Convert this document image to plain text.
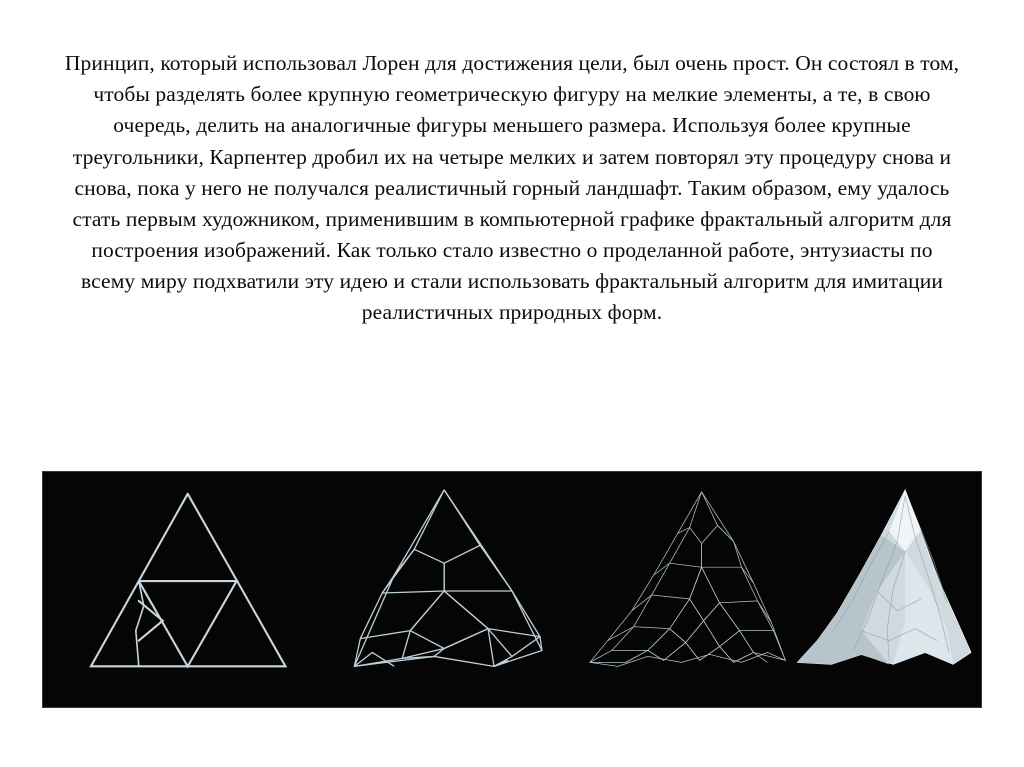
Принцип, который использовал Лорен для достижения цели, был очень прост. Он состоял в том, чтобы разделять более крупную геометрическую фигуру на мелкие элементы, а те, в свою очередь, делить на аналогичные фигуры меньшего размера. Используя более крупные треугольники, Карпентер дробил их на четыре мелких и затем повторял эту процедуру снова и снова, пока у него не получался реалистичный горный ландшафт. Таким образом, ему удалось стать первым художником, применившим в компьютерной графике фрактальный алгоритм для построения изображений. Как только стало известно о проделанной работе, энтузиасты по всему миру подхватили эту идею и стали использовать фрактальный алгоритм для имитации реалистичных природных форм.
